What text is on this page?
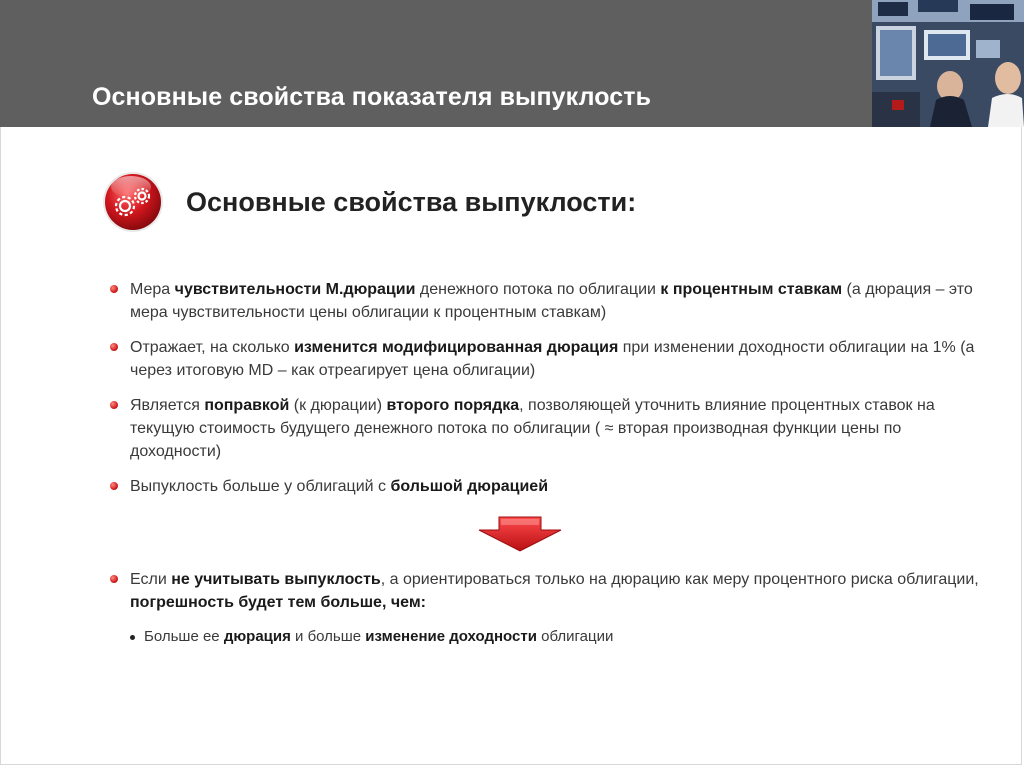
Основные свойства показателя выпуклость
Основные свойства выпуклости:
Мера чувствительности М.дюрации денежного потока по облигации к процентным ставкам (а дюрация – это мера чувствительности цены облигации к процентным ставкам)
Отражает, на сколько изменится модифицированная дюрация при изменении доходности облигации на 1% (а через итоговую MD – как отреагирует цена облигации)
Является поправкой (к дюрации) второго порядка, позволяющей уточнить влияние процентных ставок на текущую стоимость будущего денежного потока по облигации ( ≈ вторая производная функции цены по доходности)
Выпуклость больше у облигаций с большой дюрацией
Если не учитывать выпуклость, а ориентироваться только на дюрацию как меру процентного риска облигации, погрешность будет тем больше, чем:
Больше ее дюрация и больше изменение доходности облигации
